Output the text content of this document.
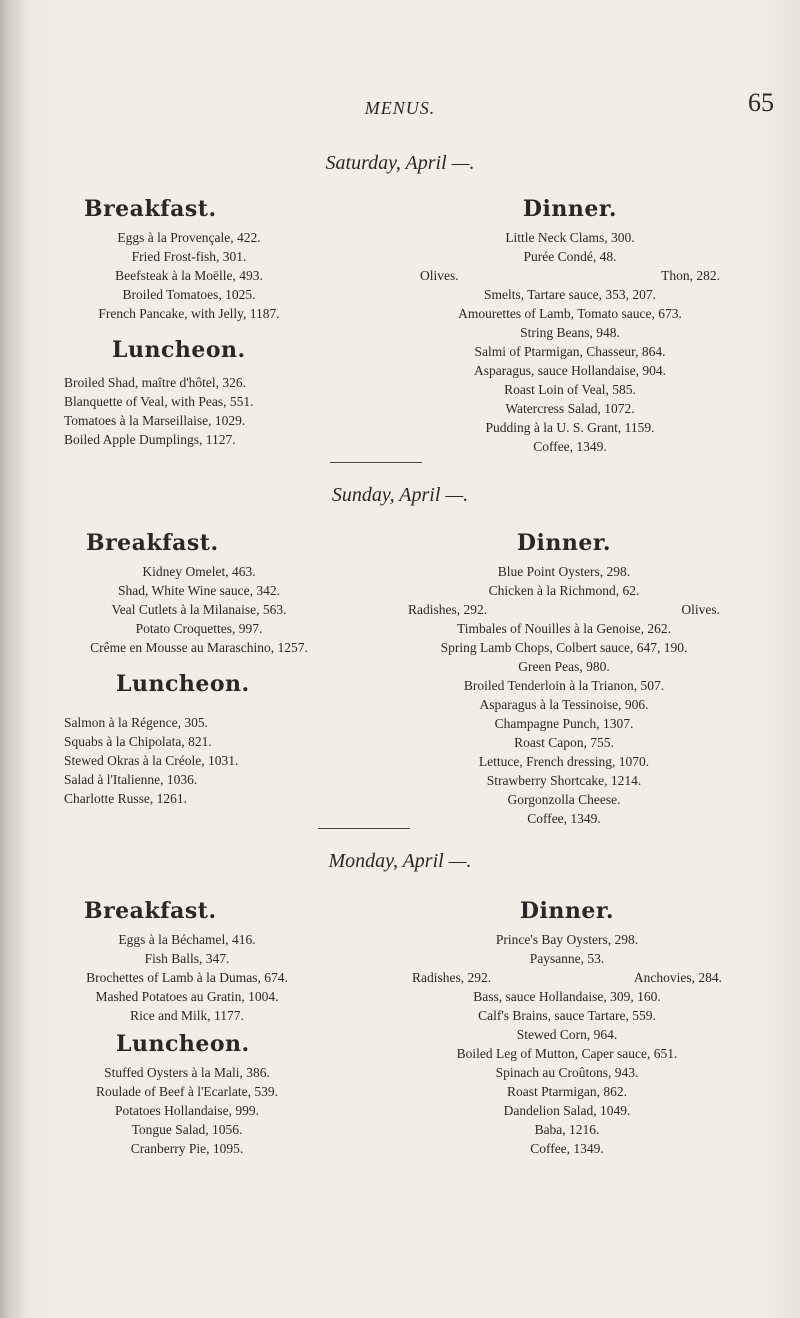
MENUS.	65
Saturday, April —.
Breakfast.
Eggs à la Provençale, 422.
Fried Frost-fish, 301.
Beefsteak à la Moëlle, 493.
Broiled Tomatoes, 1025.
French Pancake, with Jelly, 1187.
Luncheon.
Broiled Shad, maître d'hôtel, 326.
Blanquette of Veal, with Peas, 551.
Tomatoes à la Marseillaise, 1029.
Boiled Apple Dumplings, 1127.
Dinner.
Little Neck Clams, 300.
Purée Condé, 48.
Olives.	Thon, 282.
Smelts, Tartare sauce, 353, 207.
Amourettes of Lamb, Tomato sauce, 673.
String Beans, 948.
Salmi of Ptarmigan, Chasseur, 864.
Asparagus, sauce Hollandaise, 904.
Roast Loin of Veal, 585.
Watercress Salad, 1072.
Pudding à la U. S. Grant, 1159.
Coffee, 1349.
Sunday, April —.
Breakfast.
Kidney Omelet, 463.
Shad, White Wine sauce, 342.
Veal Cutlets à la Milanaise, 563.
Potato Croquettes, 997.
Crême en Mousse au Maraschino, 1257.
Luncheon.
Salmon à la Régence, 305.
Squabs à la Chipolata, 821.
Stewed Okras à la Créole, 1031.
Salad à l'Italienne, 1036.
Charlotte Russe, 1261.
Dinner.
Blue Point Oysters, 298.
Chicken à la Richmond, 62.
Radishes, 292.	Olives.
Timbales of Nouilles à la Genoise, 262.
Spring Lamb Chops, Colbert sauce, 647, 190.
Green Peas, 980.
Broiled Tenderloin à la Trianon, 507.
Asparagus à la Tessinoise, 906.
Champagne Punch, 1307.
Roast Capon, 755.
Lettuce, French dressing, 1070.
Strawberry Shortcake, 1214.
Gorgonzolla Cheese.
Coffee, 1349.
Monday, April —.
Breakfast.
Eggs à la Béchamel, 416.
Fish Balls, 347.
Brochettes of Lamb à la Dumas, 674.
Mashed Potatoes au Gratin, 1004.
Rice and Milk, 1177.
Luncheon.
Stuffed Oysters à la Mali, 386.
Roulade of Beef à l'Ecarlate, 539.
Potatoes Hollandaise, 999.
Tongue Salad, 1056.
Cranberry Pie, 1095.
Dinner.
Prince's Bay Oysters, 298.
Paysanne, 53.
Radishes, 292.	Anchovies, 284.
Bass, sauce Hollandaise, 309, 160.
Calf's Brains, sauce Tartare, 559.
Stewed Corn, 964.
Boiled Leg of Mutton, Caper sauce, 651.
Spinach au Croûtons, 943.
Roast Ptarmigan, 862.
Dandelion Salad, 1049.
Baba, 1216.
Coffee, 1349.
